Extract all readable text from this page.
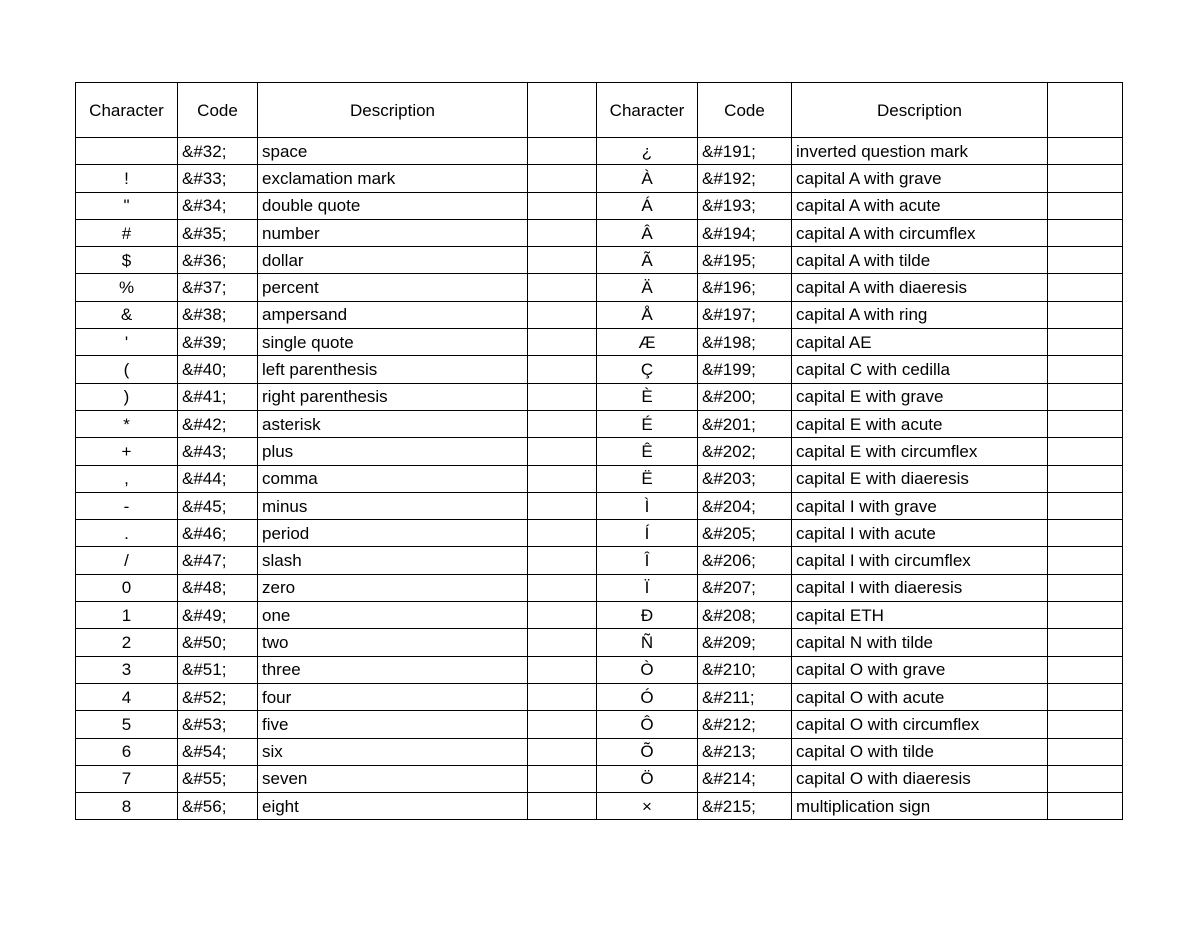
Character	Code	Description		Character	Code	Description	
	&#32;	space		¿	&#191;	inverted question mark	
!	&#33;	exclamation mark		À	&#192;	capital A with grave	
"	&#34;	double quote		Á	&#193;	capital A with acute	
#	&#35;	number		Â	&#194;	capital A with circumflex	
$	&#36;	dollar		Ã	&#195;	capital A with tilde	
%	&#37;	percent		Ä	&#196;	capital A with diaeresis	
&	&#38;	ampersand		Å	&#197;	capital A with ring	
'	&#39;	single quote		Æ	&#198;	capital AE	
(	&#40;	left parenthesis		Ç	&#199;	capital C with cedilla	
)	&#41;	right parenthesis		È	&#200;	capital E with grave	
*	&#42;	asterisk		É	&#201;	capital E with acute	
+	&#43;	plus		Ê	&#202;	capital E with circumflex	
,	&#44;	comma		Ë	&#203;	capital E with diaeresis	
-	&#45;	minus		Ì	&#204;	capital I with grave	
.	&#46;	period		Í	&#205;	capital I with acute	
/	&#47;	slash		Î	&#206;	capital I with circumflex	
0	&#48;	zero		Ï	&#207;	capital I with diaeresis	
1	&#49;	one		Ð	&#208;	capital ETH	
2	&#50;	two		Ñ	&#209;	capital N with tilde	
3	&#51;	three		Ò	&#210;	capital O with grave	
4	&#52;	four		Ó	&#211;	capital O with acute	
5	&#53;	five		Ô	&#212;	capital O with circumflex	
6	&#54;	six		Õ	&#213;	capital O with tilde	
7	&#55;	seven		Ö	&#214;	capital O with diaeresis	
8	&#56;	eight		×	&#215;	multiplication sign	
